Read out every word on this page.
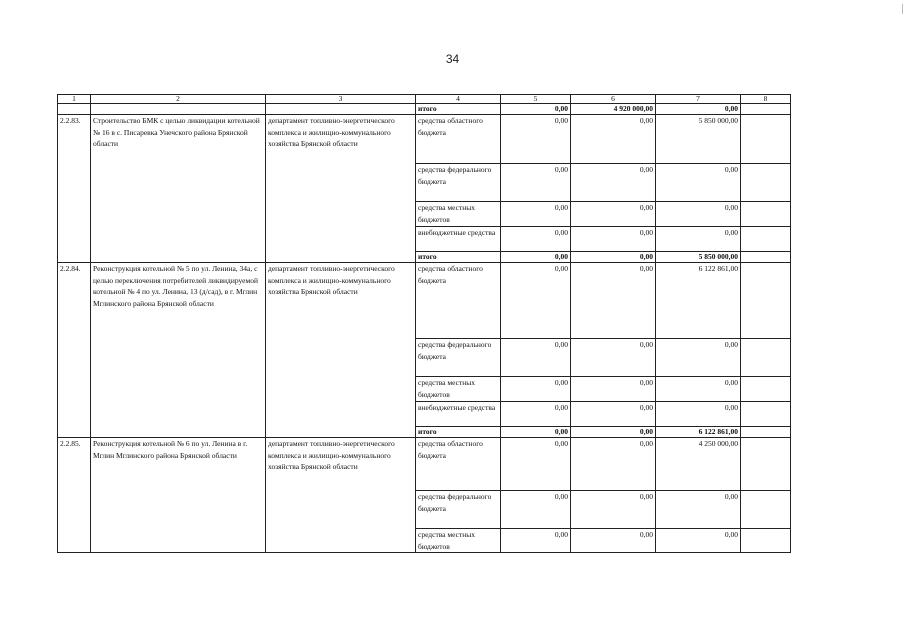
34
1	2	3	4	5	6	7	8
			итого	0,00	4 920 000,00	0,00	
2.2.83.	Строительство БМК с целью ликвидации котельной № 16 в с. Писаревка Унечского района Брянской области	департамент топливно-энергетического комплекса и жилищно-коммунального хозяйства Брянской области	средства областного бюджета	0,00	0,00	5 850 000,00	
			средства федерального бюджета	0,00	0,00	0,00	
			средства местных бюджетов	0,00	0,00	0,00	
			внебюджетные средства	0,00	0,00	0,00	
			итого	0,00	0,00	5 850 000,00	
2.2.84.	Реконструкция котельной № 5 по ул. Ленина, 34а, с целью переключения потребителей ликвидируемой котельной № 4 по ул. Ленина, 13 (д/сад), в г. Мглин Мглинского района Брянской области	департамент топливно-энергетического комплекса и жилищно-коммунального хозяйства Брянской области	средства областного бюджета	0,00	0,00	6 122 861,00	
			средства федерального бюджета	0,00	0,00	0,00	
			средства местных бюджетов	0,00	0,00	0,00	
			внебюджетные средства	0,00	0,00	0,00	
			итого	0,00	0,00	6 122 861,00	
2.2.85.	Реконструкция котельной № 6 по ул. Ленина в г. Мглин Мглинского района Брянской области	департамент топливно-энергетического комплекса и жилищно-коммунального хозяйства Брянской области	средства областного бюджета	0,00	0,00	4 250 000,00	
			средства федерального бюджета	0,00	0,00	0,00	
			средства местных бюджетов	0,00	0,00	0,00	
